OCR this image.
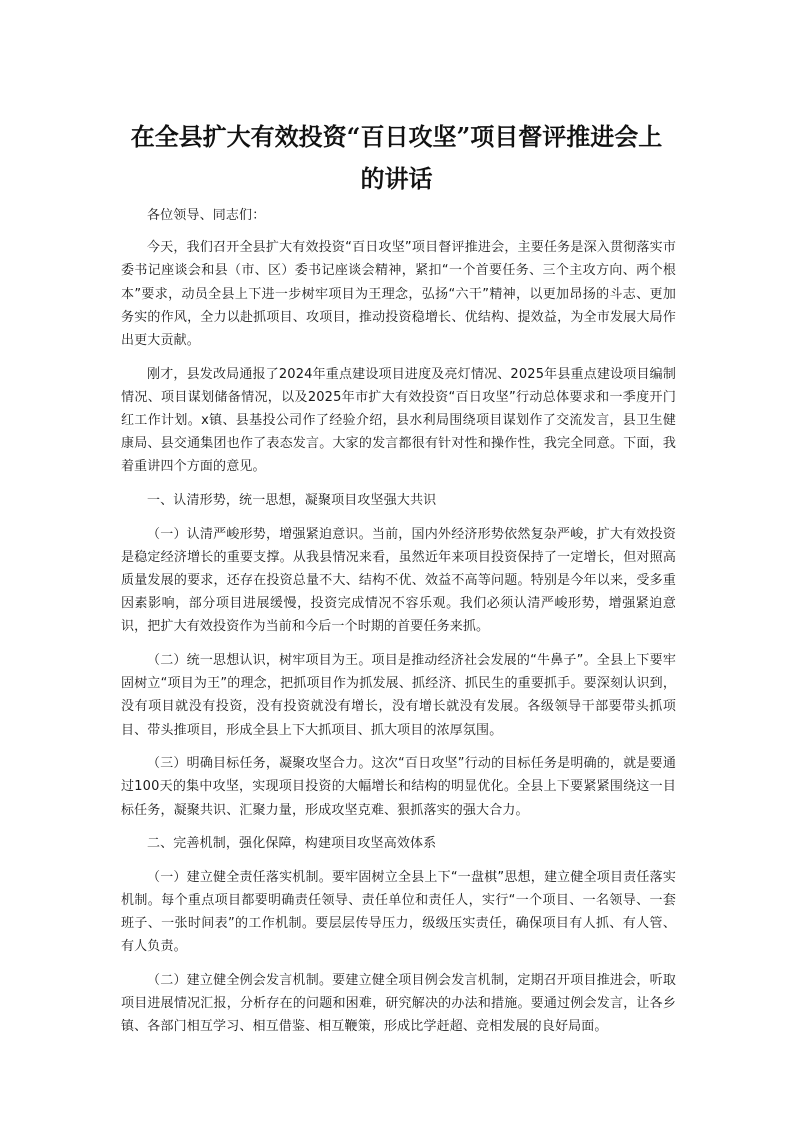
在全县扩大有效投资“百日攻坚”项目督评推进会上的讲话

各位领导、同志们：

今天，我们召开全县扩大有效投资“百日攻坚”项目督评推进会，主要任务是深入贯彻落实市委书记座谈会和县（市、区）委书记座谈会精神，紧扣“一个首要任务、三个主攻方向、两个根本”要求，动员全县上下进一步树牢项目为王理念，弘扬“六干”精神，以更加昂扬的斗志、更加务实的作风，全力以赴抓项目、攻项目，推动投资稳增长、优结构、提效益，为全市发展大局作出更大贡献。

刚才，县发改局通报了2024年重点建设项目进度及亮灯情况、2025年县重点建设项目编制情况、项目谋划储备情况，以及2025年市扩大有效投资“百日攻坚”行动总体要求和一季度开门红工作计划。x镇、县基投公司作了经验介绍，县水利局围绕项目谋划作了交流发言，县卫生健康局、县交通集团也作了表态发言。大家的发言都很有针对性和操作性，我完全同意。下面，我着重讲四个方面的意见。

一、认清形势，统一思想，凝聚项目攻坚强大共识

（一）认清严峻形势，增强紧迫意识。当前，国内外经济形势依然复杂严峻，扩大有效投资是稳定经济增长的重要支撑。从我县情况来看，虽然近年来项目投资保持了一定增长，但对照高质量发展的要求，还存在投资总量不大、结构不优、效益不高等问题。特别是今年以来，受多重因素影响，部分项目进展缓慢，投资完成情况不容乐观。我们必须认清严峻形势，增强紧迫意识，把扩大有效投资作为当前和今后一个时期的首要任务来抓。

（二）统一思想认识，树牢项目为王。项目是推动经济社会发展的“牛鼻子”。全县上下要牢固树立“项目为王”的理念，把抓项目作为抓发展、抓经济、抓民生的重要抓手。要深刻认识到，没有项目就没有投资，没有投资就没有增长，没有增长就没有发展。各级领导干部要带头抓项目、带头推项目，形成全县上下大抓项目、抓大项目的浓厚氛围。

（三）明确目标任务，凝聚攻坚合力。这次“百日攻坚”行动的目标任务是明确的，就是要通过100天的集中攻坚，实现项目投资的大幅增长和结构的明显优化。全县上下要紧紧围绕这一目标任务，凝聚共识、汇聚力量，形成攻坚克难、狠抓落实的强大合力。

二、完善机制，强化保障，构建项目攻坚高效体系

（一）建立健全责任落实机制。要牢固树立全县上下“一盘棋”思想，建立健全项目责任落实机制。每个重点项目都要明确责任领导、责任单位和责任人，实行“一个项目、一名领导、一套班子、一张时间表”的工作机制。要层层传导压力，级级压实责任，确保项目有人抓、有人管、有人负责。

（二）建立健全例会发言机制。要建立健全项目例会发言机制，定期召开项目推进会，听取项目进展情况汇报，分析存在的问题和困难，研究解决的办法和措施。要通过例会发言，让各乡镇、各部门相互学习、相互借鉴、相互鞭策，形成比学赶超、竞相发展的良好局面。
